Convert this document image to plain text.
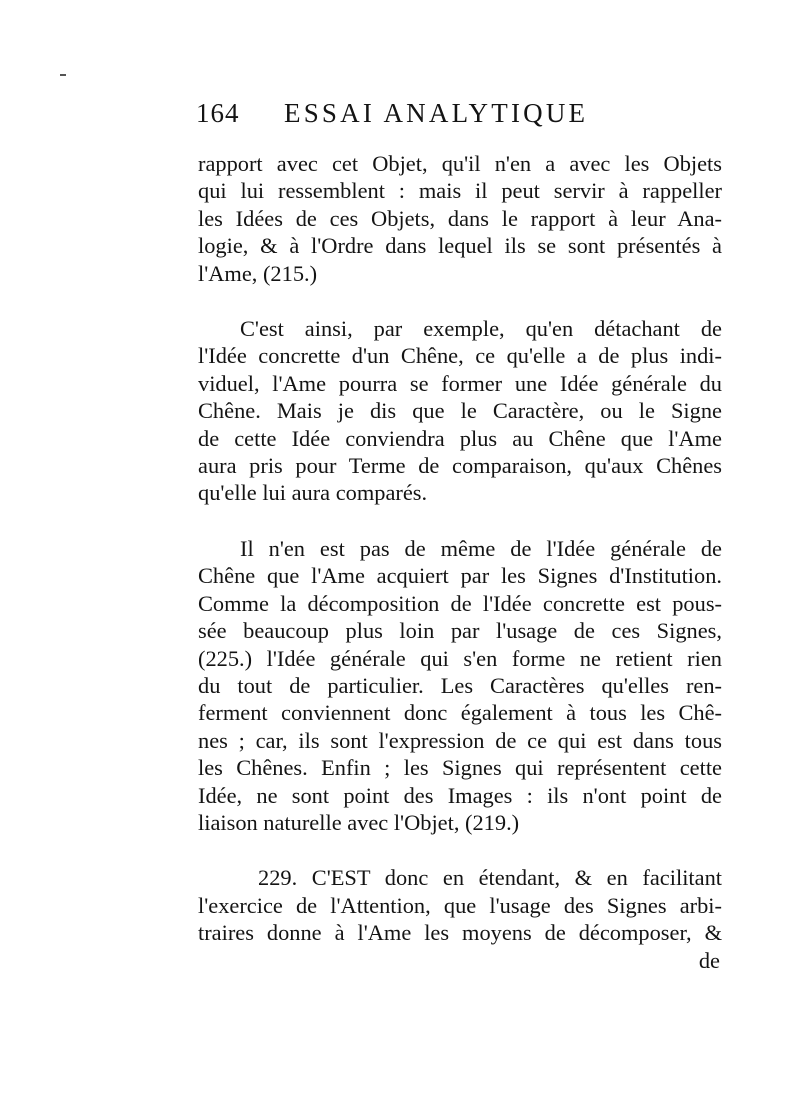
164 ESSAI ANALYTIQUE

rapport avec cet Objet, qu'il n'en a avec les Objets
qui lui ressemblent : mais il peut servir à rappeller
les Idées de ces Objets, dans le rapport à leur Ana-
logie, & à l'Ordre dans lequel ils se sont présentés à
l'Ame, (215.)

C'est ainsi, par exemple, qu'en détachant de
l'Idée concrette d'un Chêne, ce qu'elle a de plus indi-
viduel, l'Ame pourra se former une Idée générale du
Chêne. Mais je dis que le Caractère, ou le Signe
de cette Idée conviendra plus au Chêne que l'Ame
aura pris pour Terme de comparaison, qu'aux Chênes
qu'elle lui aura comparés.

Il n'en est pas de même de l'Idée générale de
Chêne que l'Ame acquiert par les Signes d'Institution.
Comme la décomposition de l'Idée concrette est pous-
sée beaucoup plus loin par l'usage de ces Signes,
(225.) l'Idée générale qui s'en forme ne retient rien
du tout de particulier. Les Caractères qu'elles ren-
ferment conviennent donc également à tous les Chê-
nes ; car, ils sont l'expression de ce qui est dans tous
les Chênes. Enfin ; les Signes qui représentent cette
Idée, ne sont point des Images : ils n'ont point de
liaison naturelle avec l'Objet, (219.)

229. C'EST donc en étendant, & en facilitant
l'exercice de l'Attention, que l'usage des Signes arbi-
traires donne à l'Ame les moyens de décomposer, &

de
